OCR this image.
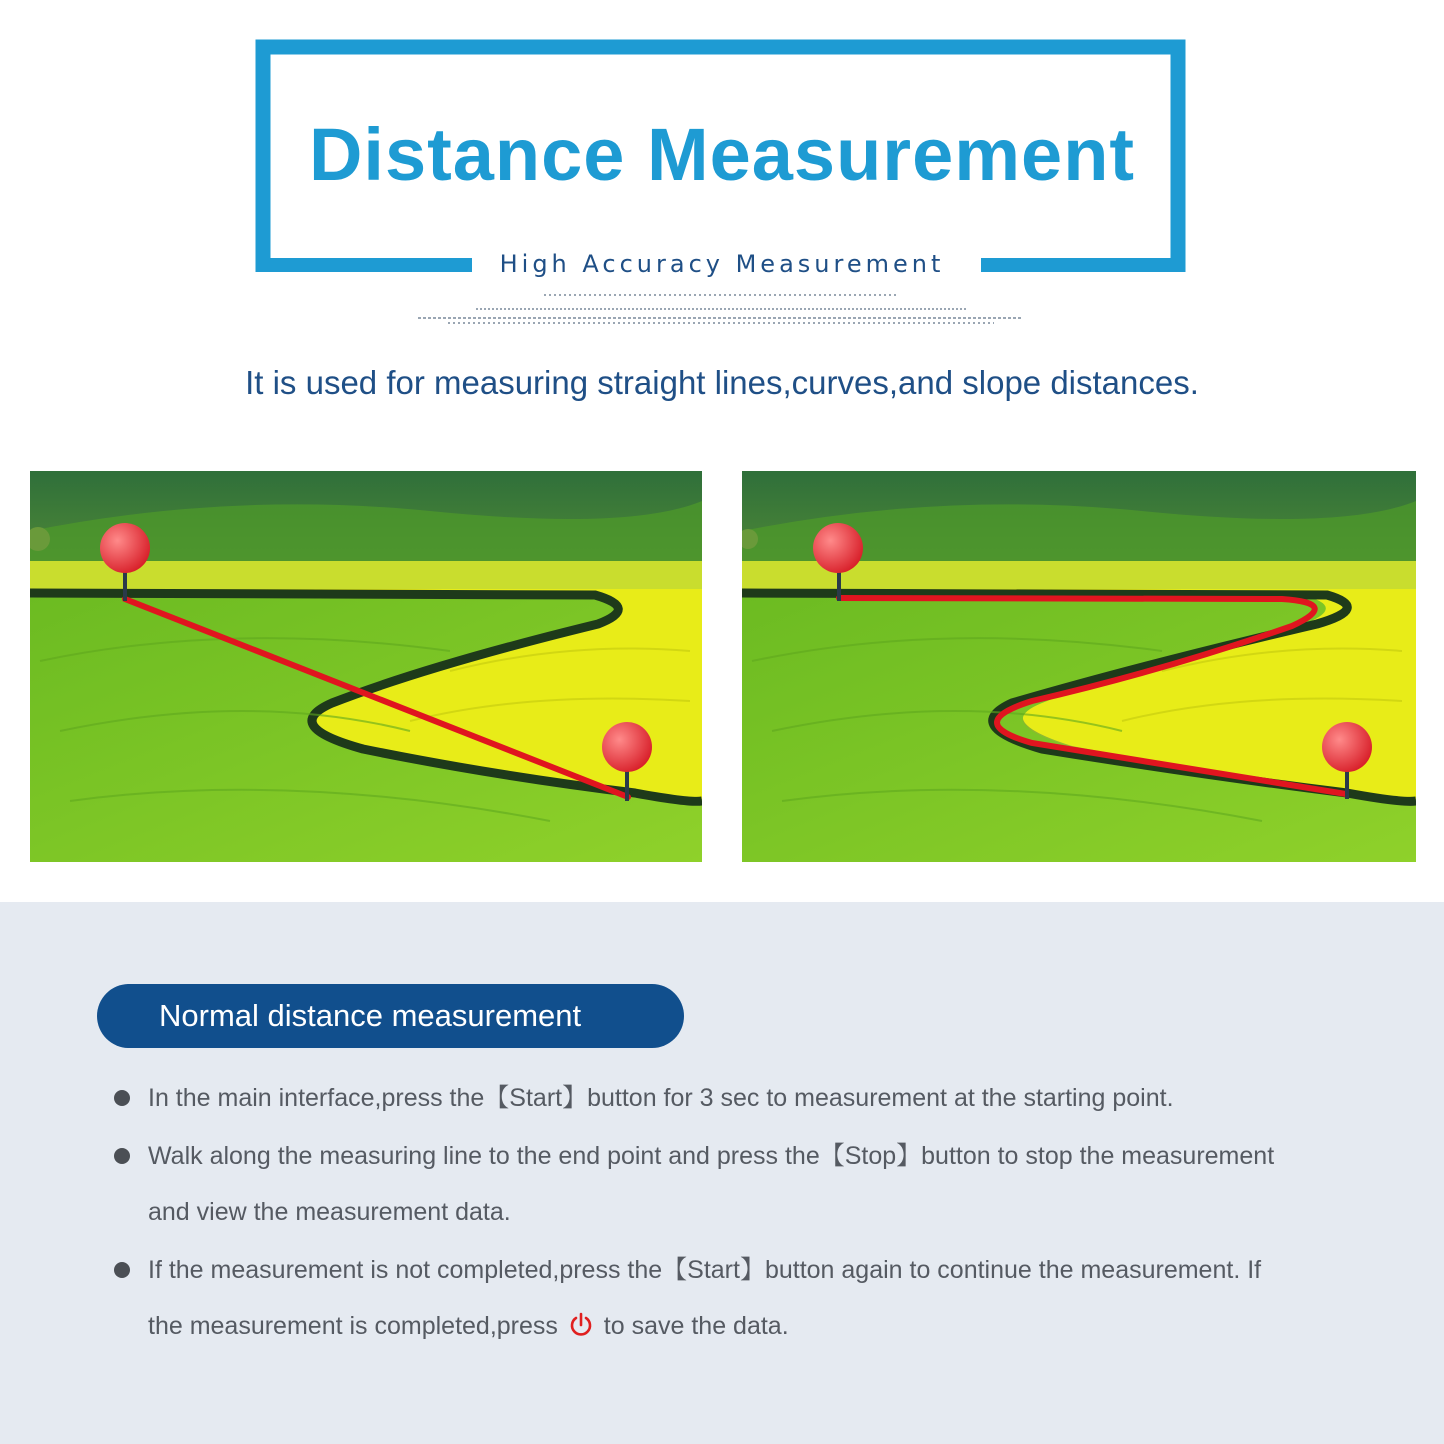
Distance Measurement
High Accuracy Measurement
It is used for measuring straight lines,curves,and slope distances.
Normal distance measurement
In the main interface,press the【Start】button for 3 sec to measurement at the starting point.
Walk along the measuring line to the end point and press the【Stop】button to stop the measurement
and view the measurement data.
If the measurement is not completed,press the【Start】button again to continue the measurement. If
the measurement is completed,press  to save the data.
